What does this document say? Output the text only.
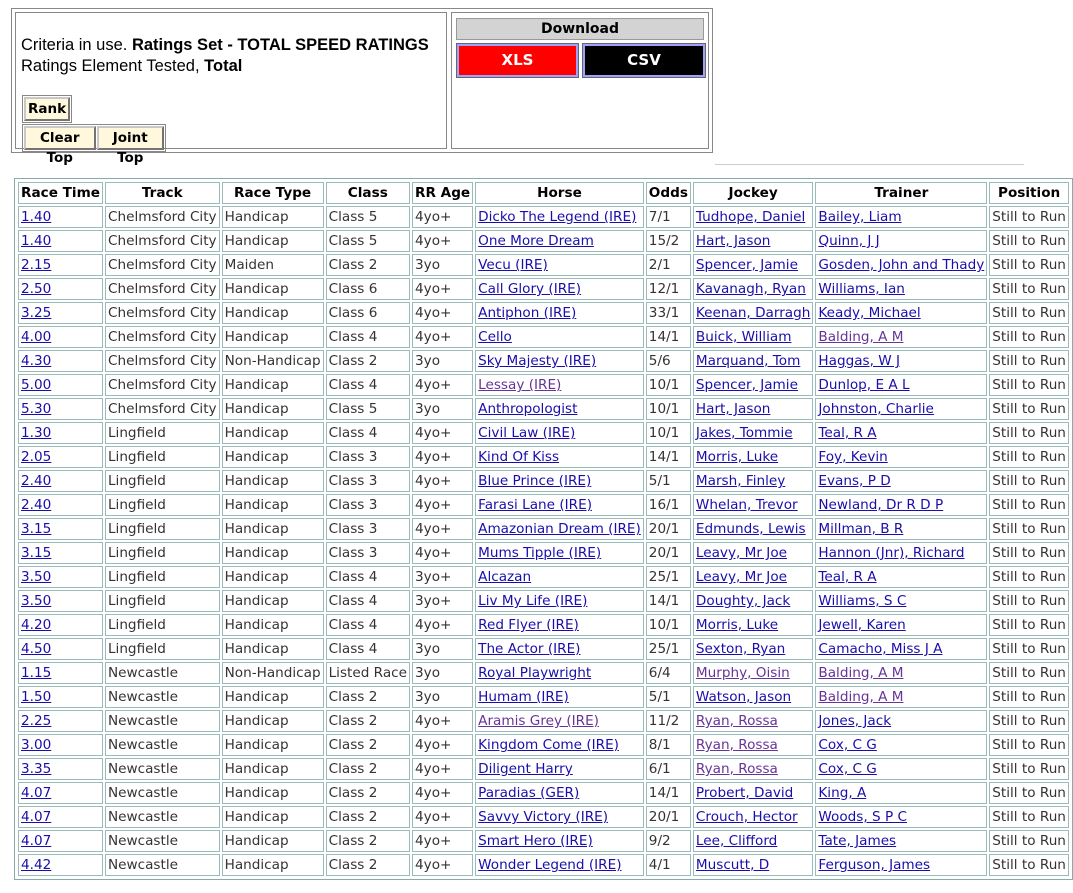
Criteria in use. Ratings Set - TOTAL SPEED RATINGS
Ratings Element Tested, Total
Rank
Clear Top
Joint Top
Download
XLS	CSV
Race Time	Track	Race Type	Class	RR Age	Horse	Odds	Jockey	Trainer	Position
1.40	Chelmsford City	Handicap	Class 5	4yo+	Dicko The Legend (IRE)	7/1	Tudhope, Daniel	Bailey, Liam	Still to Run
1.40	Chelmsford City	Handicap	Class 5	4yo+	One More Dream	15/2	Hart, Jason	Quinn, J J	Still to Run
2.15	Chelmsford City	Maiden	Class 2	3yo	Vecu (IRE)	2/1	Spencer, Jamie	Gosden, John and Thady	Still to Run
2.50	Chelmsford City	Handicap	Class 6	4yo+	Call Glory (IRE)	12/1	Kavanagh, Ryan	Williams, Ian	Still to Run
3.25	Chelmsford City	Handicap	Class 6	4yo+	Antiphon (IRE)	33/1	Keenan, Darragh	Keady, Michael	Still to Run
4.00	Chelmsford City	Handicap	Class 4	4yo+	Cello	14/1	Buick, William	Balding, A M	Still to Run
4.30	Chelmsford City	Non-Handicap	Class 2	3yo	Sky Majesty (IRE)	5/6	Marquand, Tom	Haggas, W J	Still to Run
5.00	Chelmsford City	Handicap	Class 4	4yo+	Lessay (IRE)	10/1	Spencer, Jamie	Dunlop, E A L	Still to Run
5.30	Chelmsford City	Handicap	Class 5	3yo	Anthropologist	10/1	Hart, Jason	Johnston, Charlie	Still to Run
1.30	Lingfield	Handicap	Class 4	4yo+	Civil Law (IRE)	10/1	Jakes, Tommie	Teal, R A	Still to Run
2.05	Lingfield	Handicap	Class 3	4yo+	Kind Of Kiss	14/1	Morris, Luke	Foy, Kevin	Still to Run
2.40	Lingfield	Handicap	Class 3	4yo+	Blue Prince (IRE)	5/1	Marsh, Finley	Evans, P D	Still to Run
2.40	Lingfield	Handicap	Class 3	4yo+	Farasi Lane (IRE)	16/1	Whelan, Trevor	Newland, Dr R D P	Still to Run
3.15	Lingfield	Handicap	Class 3	4yo+	Amazonian Dream (IRE)	20/1	Edmunds, Lewis	Millman, B R	Still to Run
3.15	Lingfield	Handicap	Class 3	4yo+	Mums Tipple (IRE)	20/1	Leavy, Mr Joe	Hannon (Jnr), Richard	Still to Run
3.50	Lingfield	Handicap	Class 4	3yo+	Alcazan	25/1	Leavy, Mr Joe	Teal, R A	Still to Run
3.50	Lingfield	Handicap	Class 4	3yo+	Liv My Life (IRE)	14/1	Doughty, Jack	Williams, S C	Still to Run
4.20	Lingfield	Handicap	Class 4	4yo+	Red Flyer (IRE)	10/1	Morris, Luke	Jewell, Karen	Still to Run
4.50	Lingfield	Handicap	Class 4	3yo	The Actor (IRE)	25/1	Sexton, Ryan	Camacho, Miss J A	Still to Run
1.15	Newcastle	Non-Handicap	Listed Race	3yo	Royal Playwright	6/4	Murphy, Oisin	Balding, A M	Still to Run
1.50	Newcastle	Handicap	Class 2	3yo	Humam (IRE)	5/1	Watson, Jason	Balding, A M	Still to Run
2.25	Newcastle	Handicap	Class 2	4yo+	Aramis Grey (IRE)	11/2	Ryan, Rossa	Jones, Jack	Still to Run
3.00	Newcastle	Handicap	Class 2	4yo+	Kingdom Come (IRE)	8/1	Ryan, Rossa	Cox, C G	Still to Run
3.35	Newcastle	Handicap	Class 2	4yo+	Diligent Harry	6/1	Ryan, Rossa	Cox, C G	Still to Run
4.07	Newcastle	Handicap	Class 2	4yo+	Paradias (GER)	14/1	Probert, David	King, A	Still to Run
4.07	Newcastle	Handicap	Class 2	4yo+	Savvy Victory (IRE)	20/1	Crouch, Hector	Woods, S P C	Still to Run
4.07	Newcastle	Handicap	Class 2	4yo+	Smart Hero (IRE)	9/2	Lee, Clifford	Tate, James	Still to Run
4.42	Newcastle	Handicap	Class 2	4yo+	Wonder Legend (IRE)	4/1	Muscutt, D	Ferguson, James	Still to Run
